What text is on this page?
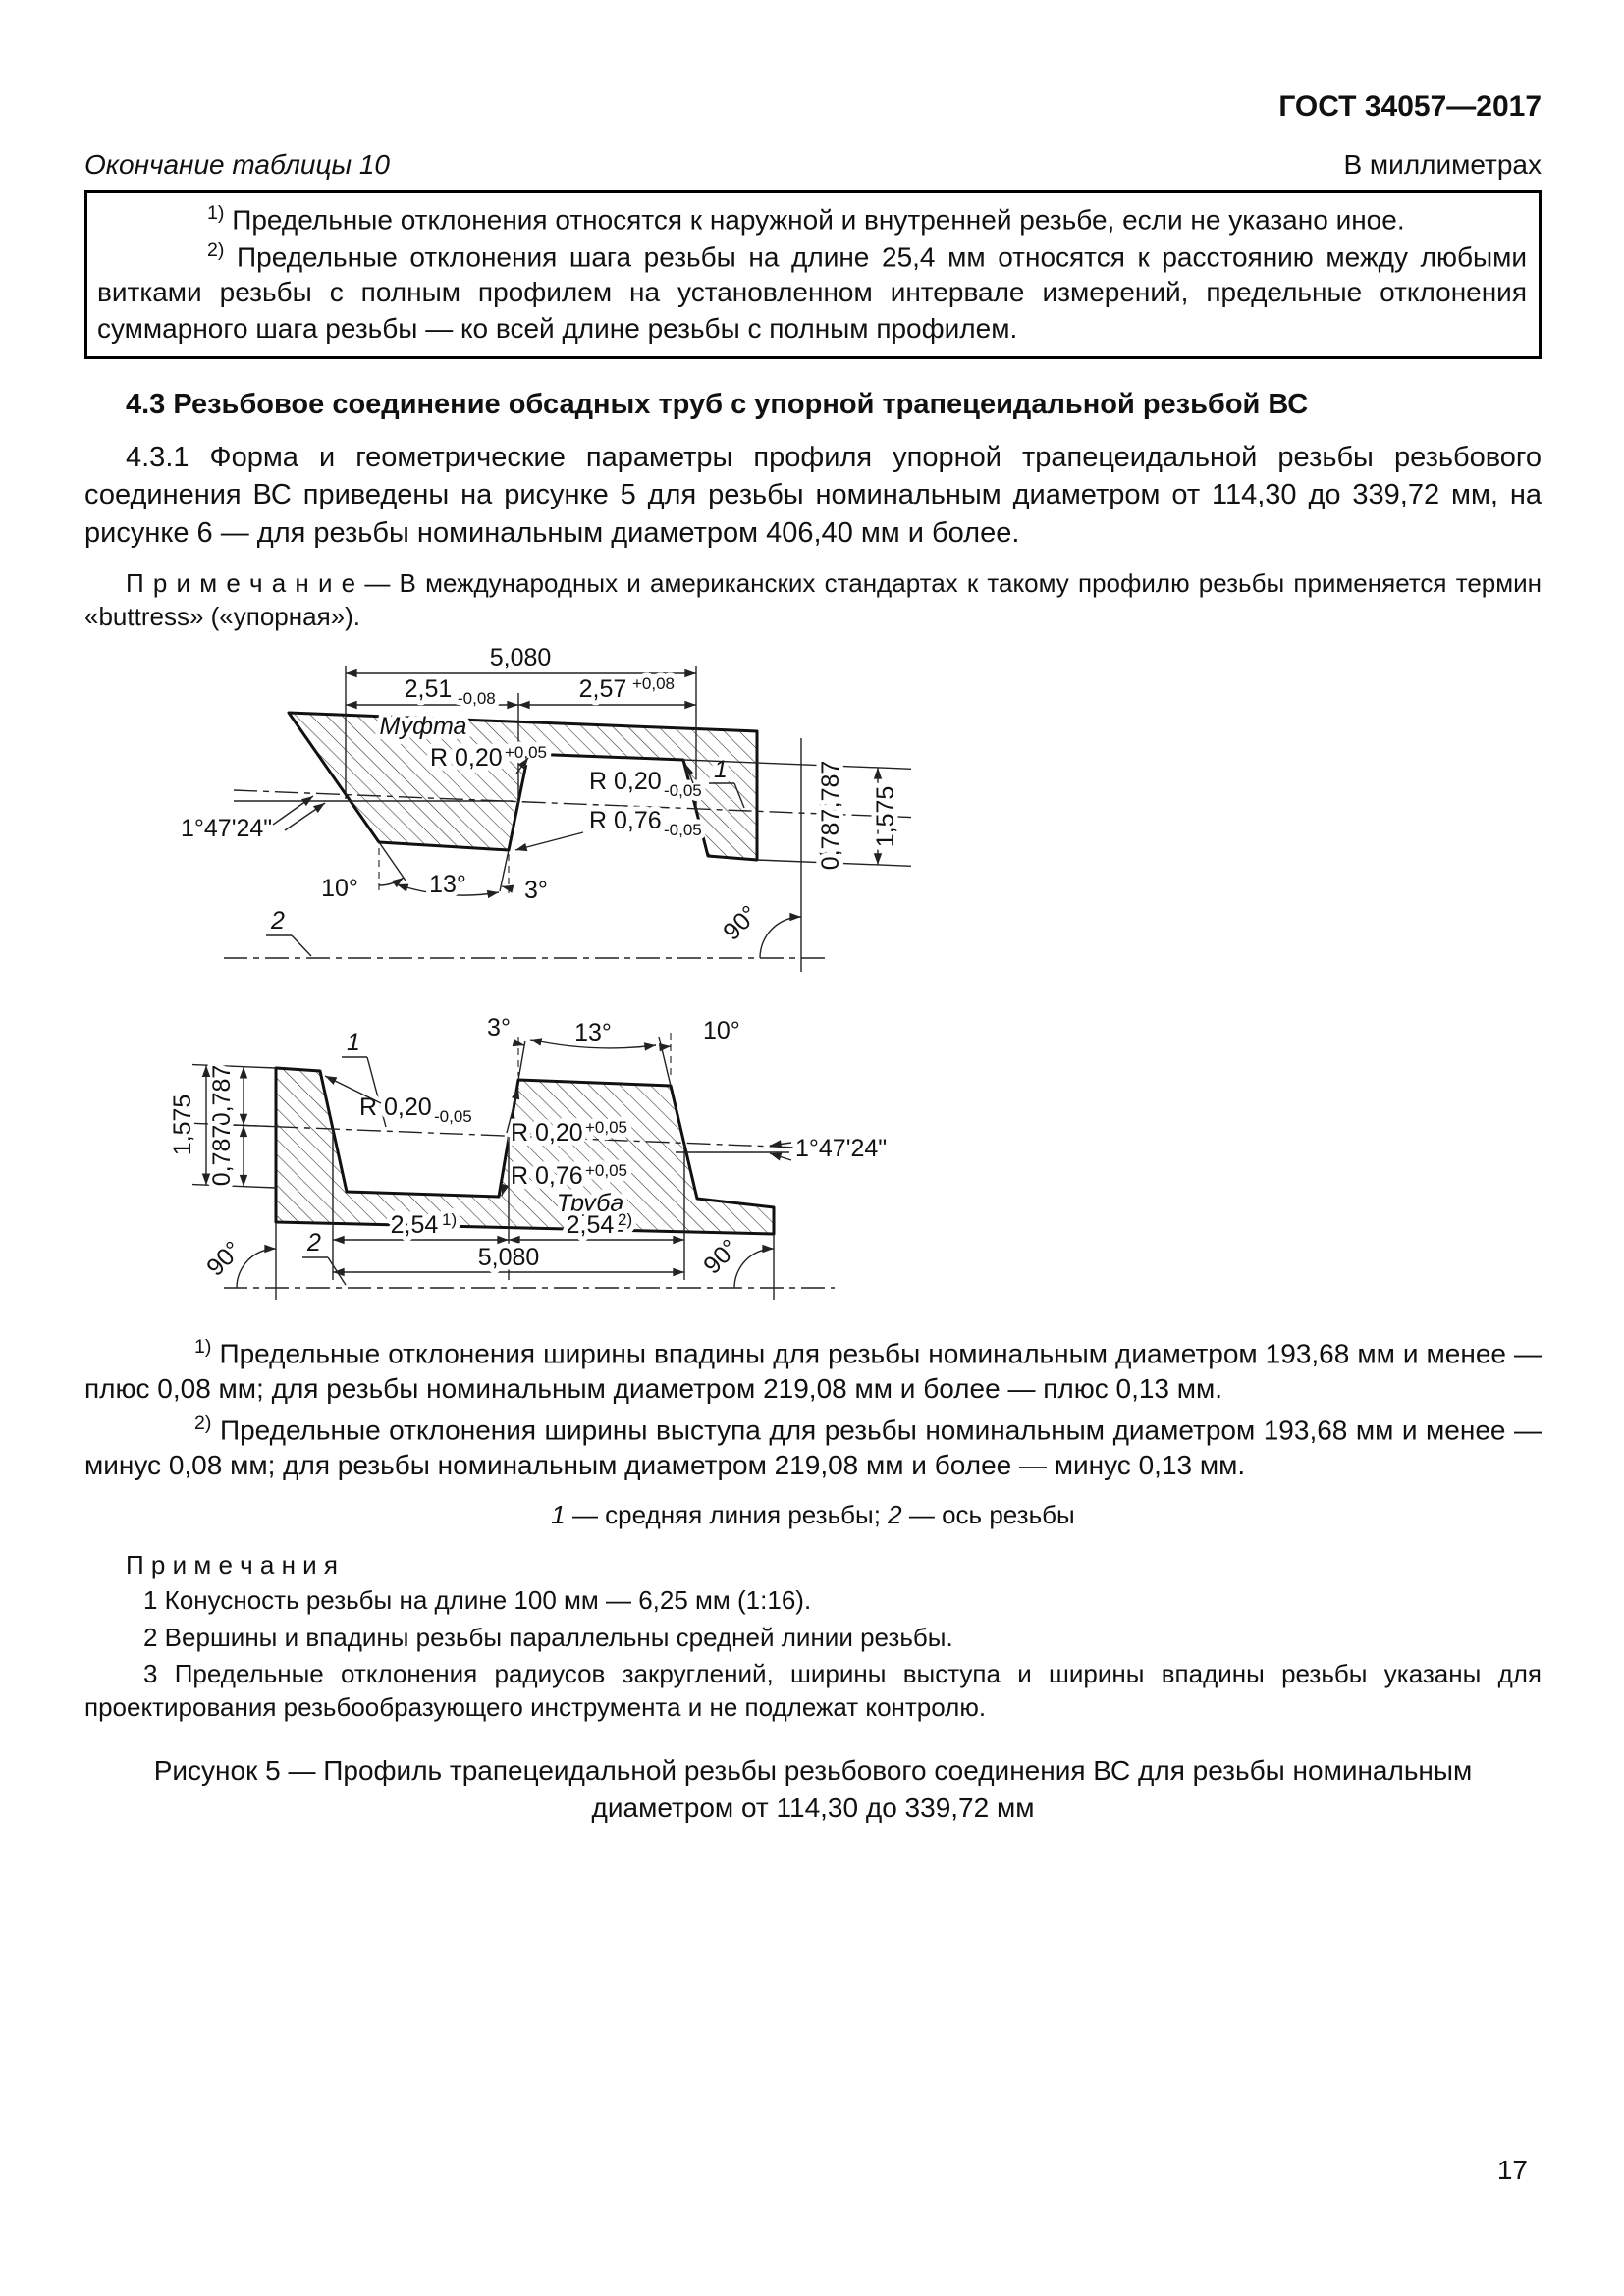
ГОСТ 34057—2017
Окончание таблицы 10	В миллиметрах

$^{1)}$ Предельные отклонения относятся к наружной и внутренней резьбе, если не указано иное.

$^{2)}$ Предельные отклонения шага резьбы на длине 25,4 мм относятся к расстоянию между любыми витками резьбы с полным профилем на установленном интервале измерений, предельные отклонения суммарного шага резьбы — ко всей длине резьбы с полным профилем.

4.3 Резьбовое соединение обсадных труб с упорной трапецеидальной резьбой ВС

4.3.1 Форма и геометрические параметры профиля упорной трапецеидальной резьбы резьбового соединения ВС приведены на рисунке 5 для резьбы номинальным диаметром от 114,30 до 339,72 мм, на рисунке 6 — для резьбы номинальным диаметром 406,40 мм и более.

П р и м е ч а н и е — В международных и американских стандартах к такому профилю резьбы применяется термин «buttress» («упорная»).

5,080
2,51 -0,08	2,57 +0,08
1°47'24"
Муфта
R 0,20 +0,05
R 0,20 -0,05
R 0,76 -0,05
1	0,787
0,787 1,575
90°
2
10°	13° 3°
3°	13°	10°
1
0,787
0,787
1,575	R 0,20 -0,05
R 0,20 +0,05
R 0,76 +0,05
1°47'24"
Труба
2,54 1)	2,54 2)
5,080
2
90°	90°

$^{1)}$ Предельные отклонения ширины впадины для резьбы номинальным диаметром 193,68 мм и менее — плюс 0,08 мм; для резьбы номинальным диаметром 219,08 мм и более — плюс 0,13 мм.

$^{2)}$ Предельные отклонения ширины выступа для резьбы номинальным диаметром 193,68 мм и менее — минус 0,08 мм; для резьбы номинальным диаметром 219,08 мм и более — минус 0,13 мм.

1 — средняя линия резьбы; 2 — ось резьбы

П р и м е ч а н и я

1 Конусность резьбы на длине 100 мм — 6,25 мм (1:16).

2 Вершины и впадины резьбы параллельны средней линии резьбы.

3 Предельные отклонения радиусов закруглений, ширины выступа и ширины впадины резьбы указаны для проектирования резьбообразующего инструмента и не подлежат контролю.

Рисунок 5 — Профиль трапецеидальной резьбы резьбового соединения ВС для резьбы номинальным диаметром от 114,30 до 339,72 мм

17
